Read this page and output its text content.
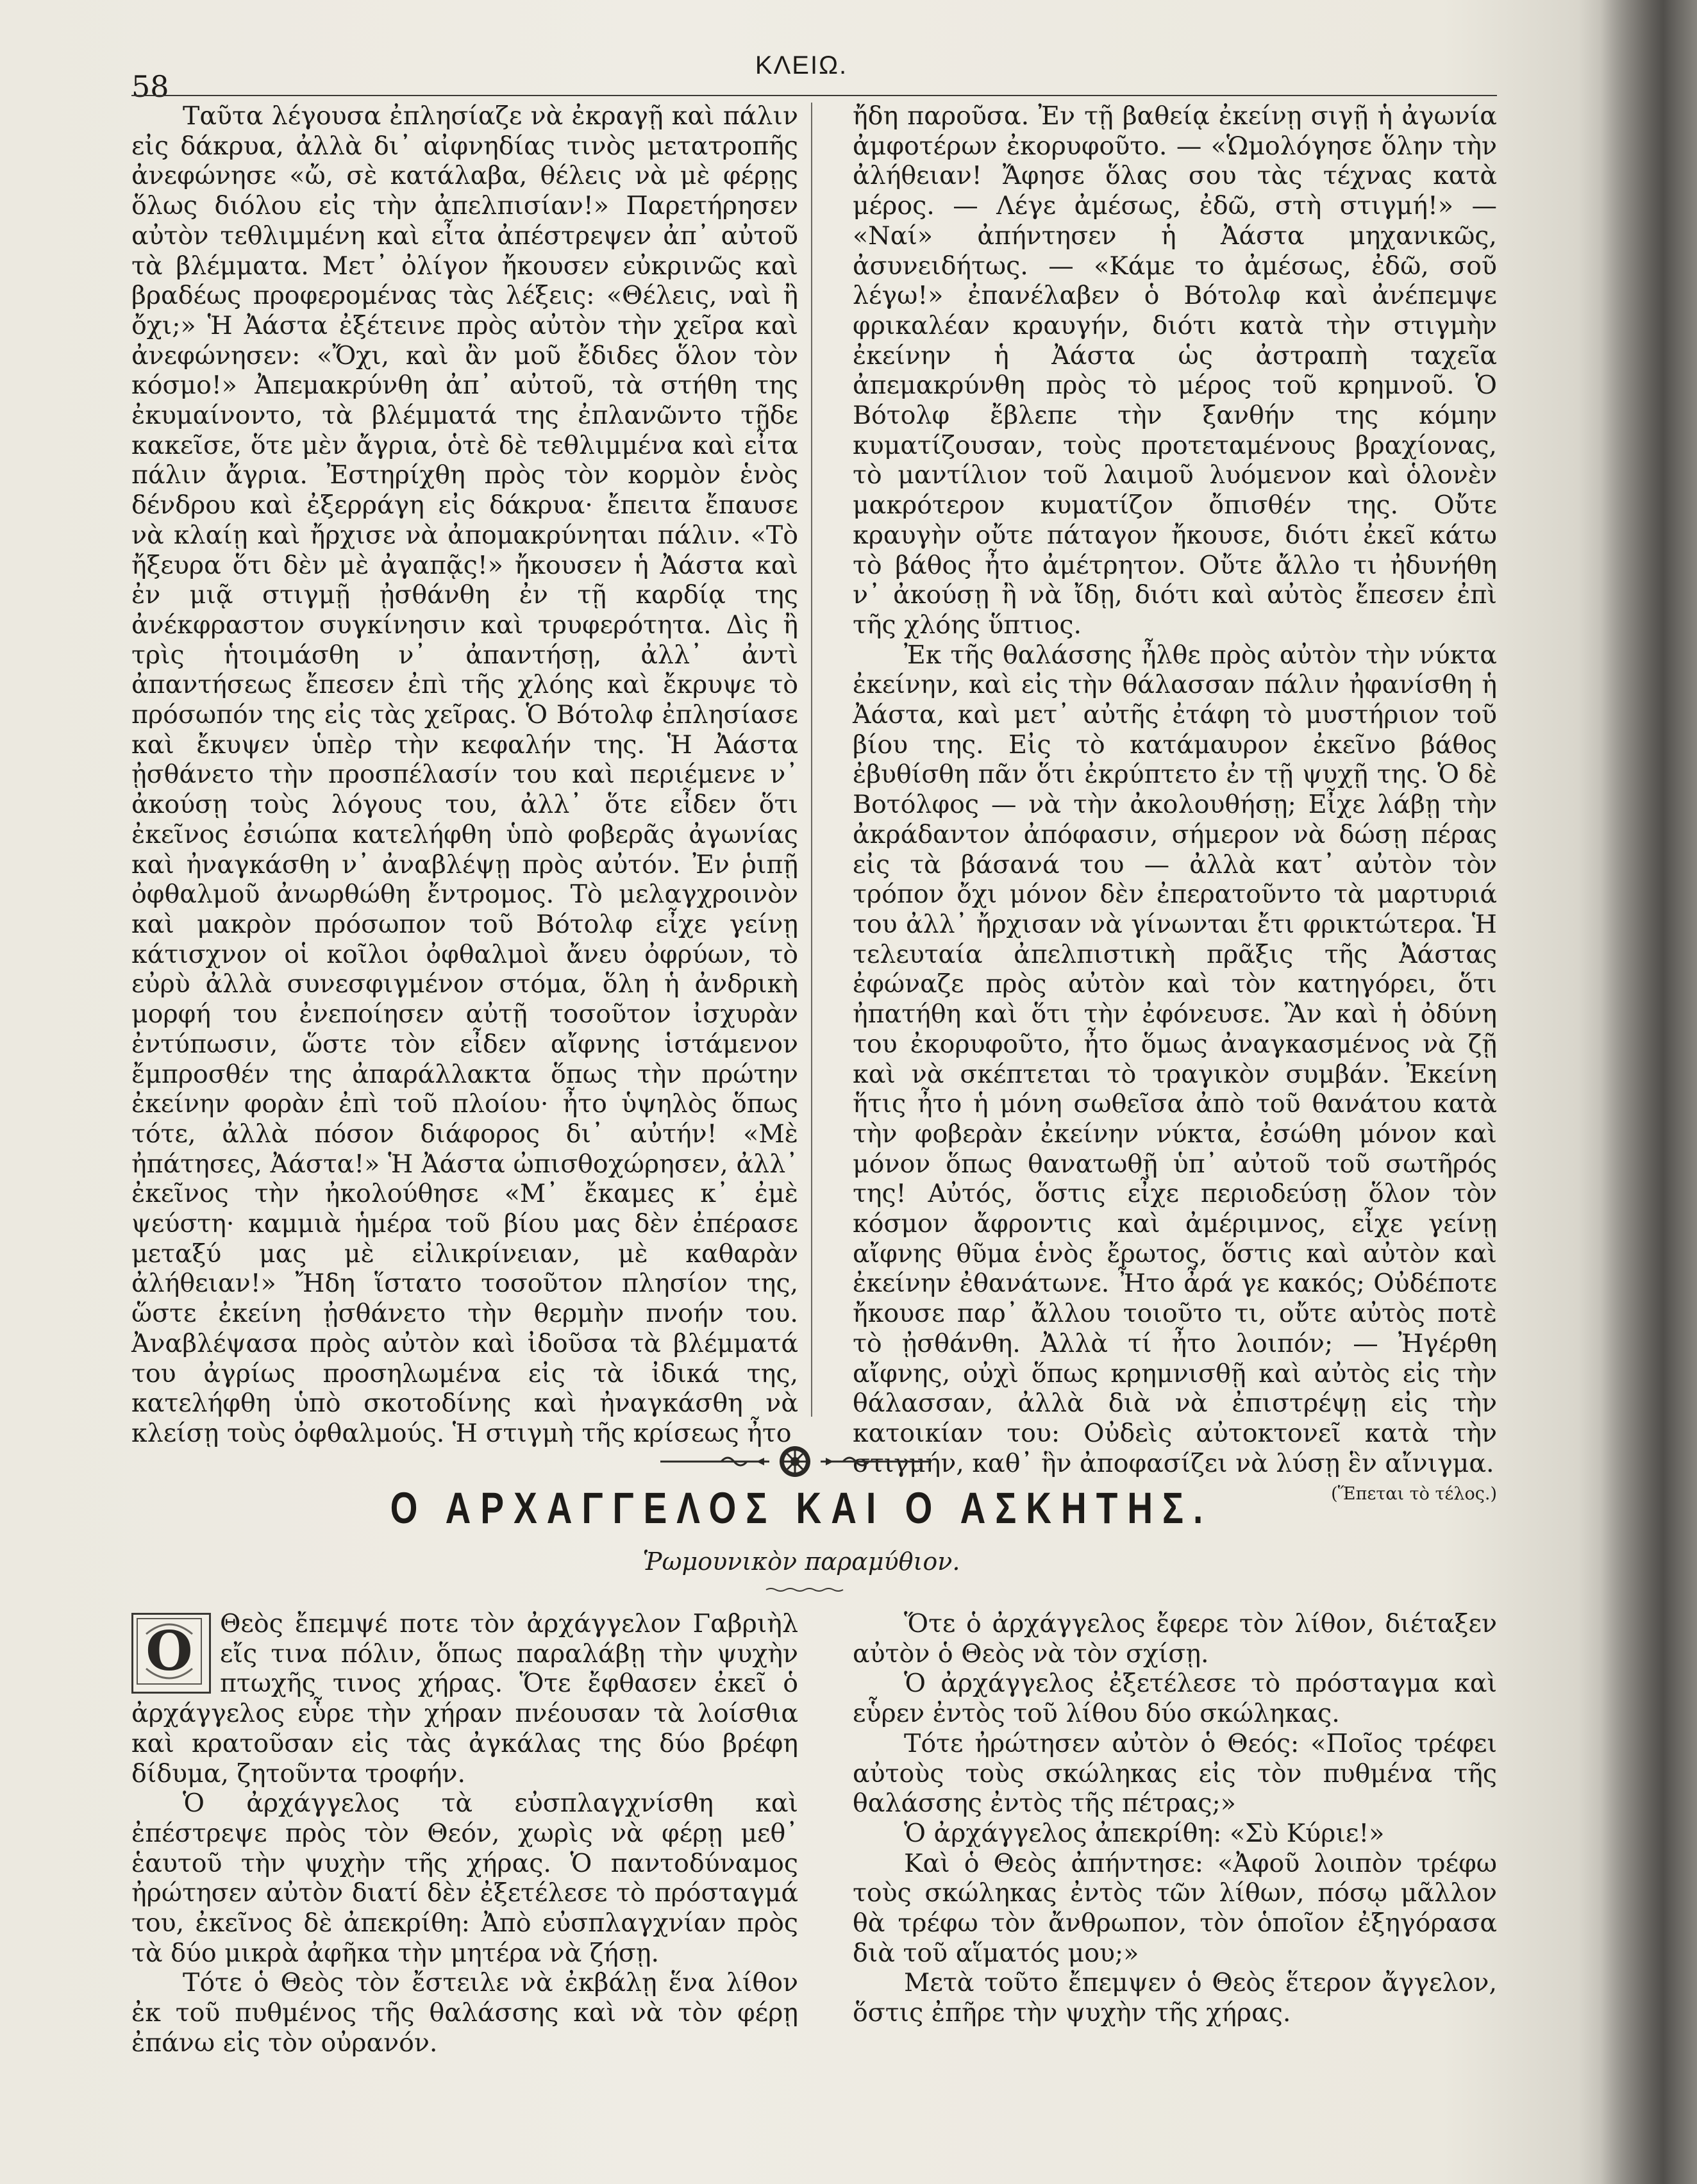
58
ΚΛΕΙΩ.

Ταῦτα λέγουσα ἐπλησίαζε νὰ ἐκραγῇ καὶ πάλιν εἰς δάκρυα, ἀλλὰ δι᾽ αἰφνηδίας τινὸς μετατροπῆς ἀνεφώνησε «ὤ, σὲ κατάλαβα, θέλεις νὰ μὲ φέρῃς ὅλως διόλου εἰς τὴν ἀπελπισίαν!» Παρετήρησεν αὐτὸν τεθλιμμένη καὶ εἶτα ἀπέστρεψεν ἀπ᾽ αὐτοῦ τὰ βλέμματα. Μετ᾽ ὀλίγον ἤκουσεν εὐκρινῶς καὶ βραδέως προφερομένας τὰς λέξεις: «Θέλεις, ναὶ ἢ ὄχι;» Ἡ Ἀάστα ἐξέτεινε πρὸς αὐτὸν τὴν χεῖρα καὶ ἀνεφώνησεν: «Ὄχι, καὶ ἂν μοῦ ἔδιδες ὅλον τὸν κόσμο!» Ἀπεμακρύνθη ἀπ᾽ αὐτοῦ, τὰ στήθη της ἐκυμαίνοντο, τὰ βλέμματά της ἐπλανῶντο τῇδε κακεῖσε, ὅτε μὲν ἄγρια, ὁτὲ δὲ τεθλιμμένα καὶ εἶτα πάλιν ἄγρια. Ἐστηρίχθη πρὸς τὸν κορμὸν ἑνὸς δένδρου καὶ ἐξερράγη εἰς δάκρυα· ἔπειτα ἔπαυσε νὰ κλαίῃ καὶ ἤρχισε νὰ ἀπομακρύνηται πάλιν. «Τὸ ἤξευρα ὅτι δὲν μὲ ἀγαπᾷς!» ἤκουσεν ἡ Ἀάστα καὶ ἐν μιᾷ στιγμῇ ᾐσθάνθη ἐν τῇ καρδίᾳ της ἀνέκφραστον συγκίνησιν καὶ τρυφερότητα. Δὶς ἢ τρὶς ἡτοιμάσθη ν᾽ ἀπαντήσῃ, ἀλλ᾽ ἀντὶ ἀπαντήσεως ἔπεσεν ἐπὶ τῆς χλόης καὶ ἔκρυψε τὸ πρόσωπόν της εἰς τὰς χεῖρας. Ὁ Βότολφ ἐπλησίασε καὶ ἔκυψεν ὑπὲρ τὴν κεφαλήν της. Ἡ Ἀάστα ᾐσθάνετο τὴν προσπέλασίν του καὶ περιέμενε ν᾽ ἀκούσῃ τοὺς λόγους του, ἀλλ᾽ ὅτε εἶδεν ὅτι ἐκεῖνος ἐσιώπα κατελήφθη ὑπὸ φοβερᾶς ἀγωνίας καὶ ἠναγκάσθη ν᾽ ἀναβλέψῃ πρὸς αὐτόν. Ἐν ῥιπῇ ὀφθαλμοῦ ἀνωρθώθη ἔντρομος. Τὸ μελαγχροινὸν καὶ μακρὸν πρόσωπον τοῦ Βότολφ εἶχε γείνῃ κάτισχνον οἱ κοῖλοι ὀφθαλμοὶ ἄνευ ὀφρύων, τὸ εὐρὺ ἀλλὰ συνεσφιγμένον στόμα, ὅλη ἡ ἀνδρικὴ μορφή του ἐνεποίησεν αὐτῇ τοσοῦτον ἰσχυρὰν ἐντύπωσιν, ὥστε τὸν εἶδεν αἴφνης ἱστάμενον ἔμπροσθέν της ἀπαράλλακτα ὅπως τὴν πρώτην ἐκείνην φορὰν ἐπὶ τοῦ πλοίου· ἦτο ὑψηλὸς ὅπως τότε, ἀλλὰ πόσον διάφορος δι᾽ αὐτήν! «Μὲ ἠπάτησες, Ἀάστα!» Ἡ Ἀάστα ὠπισθοχώρησεν, ἀλλ᾽ ἐκεῖνος τὴν ἠκολούθησε «Μ᾽ ἔκαμες κ᾽ ἐμὲ ψεύστη· καμμιὰ ἡμέρα τοῦ βίου μας δὲν ἐπέρασε μεταξύ μας μὲ εἰλικρίνειαν, μὲ καθαρὰν ἀλήθειαν!» Ἤδη ἵστατο τοσοῦτον πλησίον της, ὥστε ἐκείνη ᾐσθάνετο τὴν θερμὴν πνοήν του. Ἀναβλέψασα πρὸς αὐτὸν καὶ ἰδοῦσα τὰ βλέμματά του ἀγρίως προσηλωμένα εἰς τὰ ἰδικά της, κατελήφθη ὑπὸ σκοτοδίνης καὶ ἠναγκάσθη νὰ κλείσῃ τοὺς ὀφθαλμούς. Ἡ στιγμὴ τῆς κρίσεως ἦτο

ἤδη παροῦσα. Ἐν τῇ βαθείᾳ ἐκείνῃ σιγῇ ἡ ἀγωνία ἀμφοτέρων ἐκορυφοῦτο. — «Ὡμολόγησε ὅλην τὴν ἀλήθειαν! Ἄφησε ὅλας σου τὰς τέχνας κατὰ μέρος. — Λέγε ἀμέσως, ἐδῶ, στὴ στιγμή!» — «Ναί» ἀπήντησεν ἡ Ἀάστα μηχανικῶς, ἀσυνειδήτως. — «Κάμε το ἀμέσως, ἐδῶ, σοῦ λέγω!» ἐπανέλαβεν ὁ Βότολφ καὶ ἀνέπεμψε φρικαλέαν κραυγήν, διότι κατὰ τὴν στιγμὴν ἐκείνην ἡ Ἀάστα ὡς ἀστραπὴ ταχεῖα ἀπεμακρύνθη πρὸς τὸ μέρος τοῦ κρημνοῦ. Ὁ Βότολφ ἔβλεπε τὴν ξανθήν της κόμην κυματίζουσαν, τοὺς προτεταμένους βραχίονας, τὸ μαντίλιον τοῦ λαιμοῦ λυόμενον καὶ ὁλονὲν μακρότερον κυματίζον ὄπισθέν της. Οὔτε κραυγὴν οὔτε πάταγον ἤκουσε, διότι ἐκεῖ κάτω τὸ βάθος ἦτο ἀμέτρητον. Οὔτε ἄλλο τι ἠδυνήθη ν᾽ ἀκούσῃ ἢ νὰ ἴδῃ, διότι καὶ αὐτὸς ἔπεσεν ἐπὶ τῆς χλόης ὕπτιος.

Ἐκ τῆς θαλάσσης ἦλθε πρὸς αὐτὸν τὴν νύκτα ἐκείνην, καὶ εἰς τὴν θάλασσαν πάλιν ἠφανίσθη ἡ Ἀάστα, καὶ μετ᾽ αὐτῆς ἐτάφη τὸ μυστήριον τοῦ βίου της. Εἰς τὸ κατάμαυρον ἐκεῖνο βάθος ἐβυθίσθη πᾶν ὅτι ἐκρύπτετο ἐν τῇ ψυχῇ της. Ὁ δὲ Βοτόλφος — νὰ τὴν ἀκολουθήσῃ; Εἶχε λάβῃ τὴν ἀκράδαντον ἀπόφασιν, σήμερον νὰ δώσῃ πέρας εἰς τὰ βάσανά του — ἀλλὰ κατ᾽ αὐτὸν τὸν τρόπον ὄχι μόνον δὲν ἐπερατοῦντο τὰ μαρτυριά του ἀλλ᾽ ἤρχισαν νὰ γίνωνται ἔτι φρικτώτερα. Ἡ τελευταία ἀπελπιστικὴ πρᾶξις τῆς Ἀάστας ἐφώναζε πρὸς αὐτὸν καὶ τὸν κατηγόρει, ὅτι ἠπατήθη καὶ ὅτι τὴν ἐφόνευσε. Ἂν καὶ ἡ ὀδύνη του ἐκορυφοῦτο, ἦτο ὅμως ἀναγκασμένος νὰ ζῇ καὶ νὰ σκέπτεται τὸ τραγικὸν συμβάν. Ἐκείνη ἥτις ἦτο ἡ μόνη σωθεῖσα ἀπὸ τοῦ θανάτου κατὰ τὴν φοβερὰν ἐκείνην νύκτα, ἐσώθη μόνον καὶ μόνον ὅπως θανατωθῇ ὑπ᾽ αὐτοῦ τοῦ σωτῆρός της! Αὐτός, ὅστις εἶχε περιοδεύσῃ ὅλον τὸν κόσμον ἄφροντις καὶ ἀμέριμνος, εἶχε γείνῃ αἴφνης θῦμα ἑνὸς ἔρωτος, ὅστις καὶ αὐτὸν καὶ ἐκείνην ἐθανάτωνε. Ἦτο ἆρά γε κακός; Οὐδέποτε ἤκουσε παρ᾽ ἄλλου τοιοῦτο τι, οὔτε αὐτὸς ποτὲ τὸ ᾐσθάνθη. Ἀλλὰ τί ἦτο λοιπόν; — Ἠγέρθη αἴφνης, οὐχὶ ὅπως κρημνισθῇ καὶ αὐτὸς εἰς τὴν θάλασσαν, ἀλλὰ διὰ νὰ ἐπιστρέψῃ εἰς τὴν κατοικίαν του: Οὐδεὶς αὐτοκτονεῖ κατὰ τὴν στιγμήν, καθ᾽ ἣν ἀποφασίζει νὰ λύσῃ ἓν αἴνιγμα.
(Ἕπεται τὸ τέλος.)

Ο ΑΡΧΑΓΓΕΛΟΣ ΚΑΙ Ο ΑΣΚΗΤΗΣ.
Ῥωμουνικὸν παραμύθιον.

Ο Θεὸς ἔπεμψέ ποτε τὸν ἀρχάγγελον Γαβριὴλ εἴς τινα πόλιν, ὅπως παραλάβῃ τὴν ψυχὴν πτωχῆς τινος χήρας. Ὅτε ἔφθασεν ἐκεῖ ὁ ἀρχάγγελος εὗρε τὴν χήραν πνέουσαν τὰ λοίσθια καὶ κρατοῦσαν εἰς τὰς ἀγκάλας της δύο βρέφη δίδυμα, ζητοῦντα τροφήν.

Ὁ ἀρχάγγελος τὰ εὐσπλαγχνίσθη καὶ ἐπέστρεψε πρὸς τὸν Θεόν, χωρὶς νὰ φέρῃ μεθ᾽ ἑαυτοῦ τὴν ψυχὴν τῆς χήρας. Ὁ παντοδύναμος ἠρώτησεν αὐτὸν διατί δὲν ἐξετέλεσε τὸ πρόσταγμά του, ἐκεῖνος δὲ ἀπεκρίθη: Ἀπὸ εὐσπλαγχνίαν πρὸς τὰ δύο μικρὰ ἀφῆκα τὴν μητέρα νὰ ζήσῃ.

Τότε ὁ Θεὸς τὸν ἔστειλε νὰ ἐκβάλῃ ἕνα λίθον ἐκ τοῦ πυθμένος τῆς θαλάσσης καὶ νὰ τὸν φέρῃ ἐπάνω εἰς τὸν οὐρανόν.

Ὅτε ὁ ἀρχάγγελος ἔφερε τὸν λίθον, διέταξεν αὐτὸν ὁ Θεὸς νὰ τὸν σχίσῃ.

Ὁ ἀρχάγγελος ἐξετέλεσε τὸ πρόσταγμα καὶ εὗρεν ἐντὸς τοῦ λίθου δύο σκώληκας.

Τότε ἠρώτησεν αὐτὸν ὁ Θεός: «Ποῖος τρέφει αὐτοὺς τοὺς σκώληκας εἰς τὸν πυθμένα τῆς θαλάσσης ἐντὸς τῆς πέτρας;»

Ὁ ἀρχάγγελος ἀπεκρίθη: «Σὺ Κύριε!»

Καὶ ὁ Θεὸς ἀπήντησε: «Ἀφοῦ λοιπὸν τρέφω τοὺς σκώληκας ἐντὸς τῶν λίθων, πόσῳ μᾶλλον θὰ τρέφω τὸν ἄνθρωπον, τὸν ὁποῖον ἐξηγόρασα διὰ τοῦ αἵματός μου;»

Μετὰ τοῦτο ἔπεμψεν ὁ Θεὸς ἕτερον ἄγγελον, ὅστις ἐπῆρε τὴν ψυχὴν τῆς χήρας.
